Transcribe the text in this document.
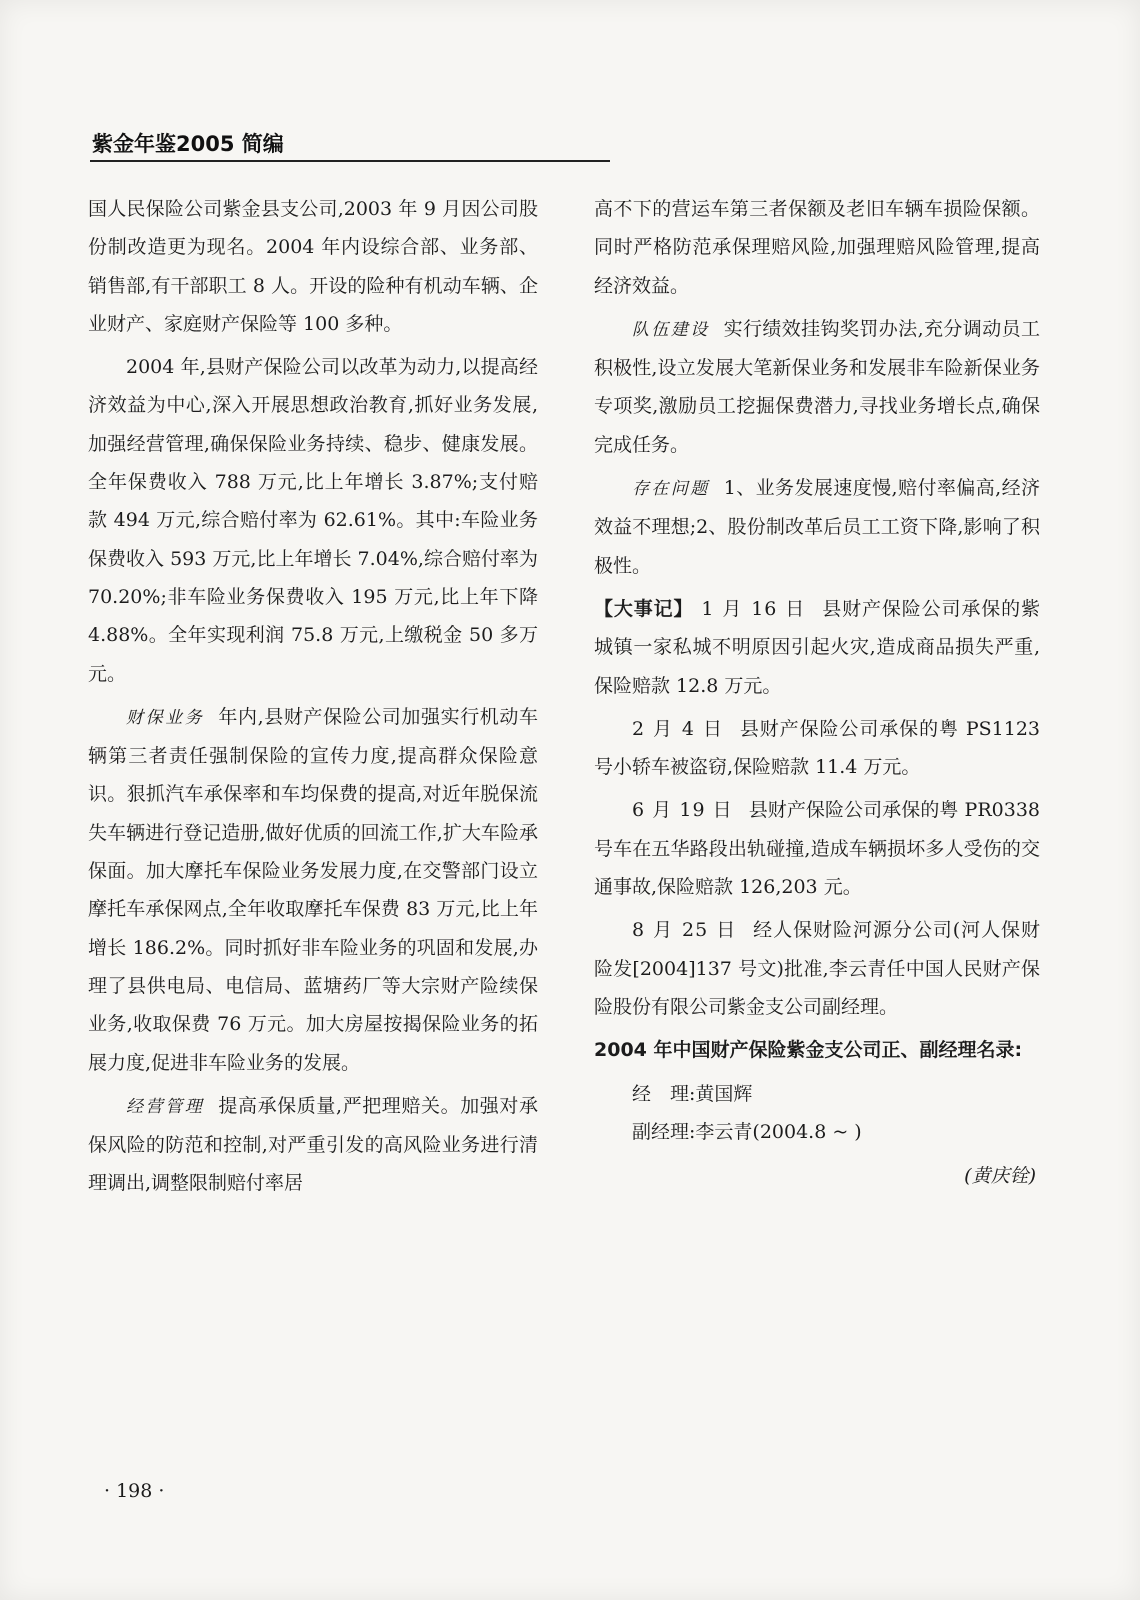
紫金年鉴2005 简编

国人民保险公司紫金县支公司,2003 年 9 月因公司股份制改造更为现名。2004 年内设综合部、业务部、销售部,有干部职工 8 人。开设的险种有机动车辆、企业财产、家庭财产保险等 100 多种。

2004 年,县财产保险公司以改革为动力,以提高经济效益为中心,深入开展思想政治教育,抓好业务发展,加强经营管理,确保保险业务持续、稳步、健康发展。全年保费收入 788 万元,比上年增长 3.87%;支付赔款 494 万元,综合赔付率为 62.61%。其中:车险业务保费收入 593 万元,比上年增长 7.04%,综合赔付率为70.20%;非车险业务保费收入 195 万元,比上年下降 4.88%。全年实现利润 75.8 万元,上缴税金 50 多万元。

财保业务 年内,县财产保险公司加强实行机动车辆第三者责任强制保险的宣传力度,提高群众保险意识。狠抓汽车承保率和车均保费的提高,对近年脱保流失车辆进行登记造册,做好优质的回流工作,扩大车险承保面。加大摩托车保险业务发展力度,在交警部门设立摩托车承保网点,全年收取摩托车保费 83 万元,比上年增长 186.2%。同时抓好非车险业务的巩固和发展,办理了县供电局、电信局、蓝塘药厂等大宗财产险续保业务,收取保费 76 万元。加大房屋按揭保险业务的拓展力度,促进非车险业务的发展。

经营管理 提高承保质量,严把理赔关。加强对承保风险的防范和控制,对严重引发的高风险业务进行清理调出,调整限制赔付率居

高不下的营运车第三者保额及老旧车辆车损险保额。同时严格防范承保理赔风险,加强理赔风险管理,提高经济效益。

队伍建设 实行绩效挂钩奖罚办法,充分调动员工积极性,设立发展大笔新保业务和发展非车险新保业务专项奖,激励员工挖掘保费潜力,寻找业务增长点,确保完成任务。

存在问题 1、业务发展速度慢,赔付率偏高,经济效益不理想;2、股份制改革后员工工资下降,影响了积极性。

【大事记】 1 月 16 日 县财产保险公司承保的紫城镇一家私城不明原因引起火灾,造成商品损失严重,保险赔款 12.8 万元。

2 月 4 日 县财产保险公司承保的粤 PS1123 号小轿车被盗窃,保险赔款 11.4 万元。

6 月 19 日 县财产保险公司承保的粤 PR0338 号车在五华路段出轨碰撞,造成车辆损坏多人受伤的交通事故,保险赔款 126,203 元。

8 月 25 日 经人保财险河源分公司(河人保财险发[2004]137 号文)批准,李云青任中国人民财产保险股份有限公司紫金支公司副经理。

2004 年中国财产保险紫金支公司正、副经理名录:

经　理:黄国辉

副经理:李云青(2004.8 ~ )

(黄庆铨)

· 198 ·
